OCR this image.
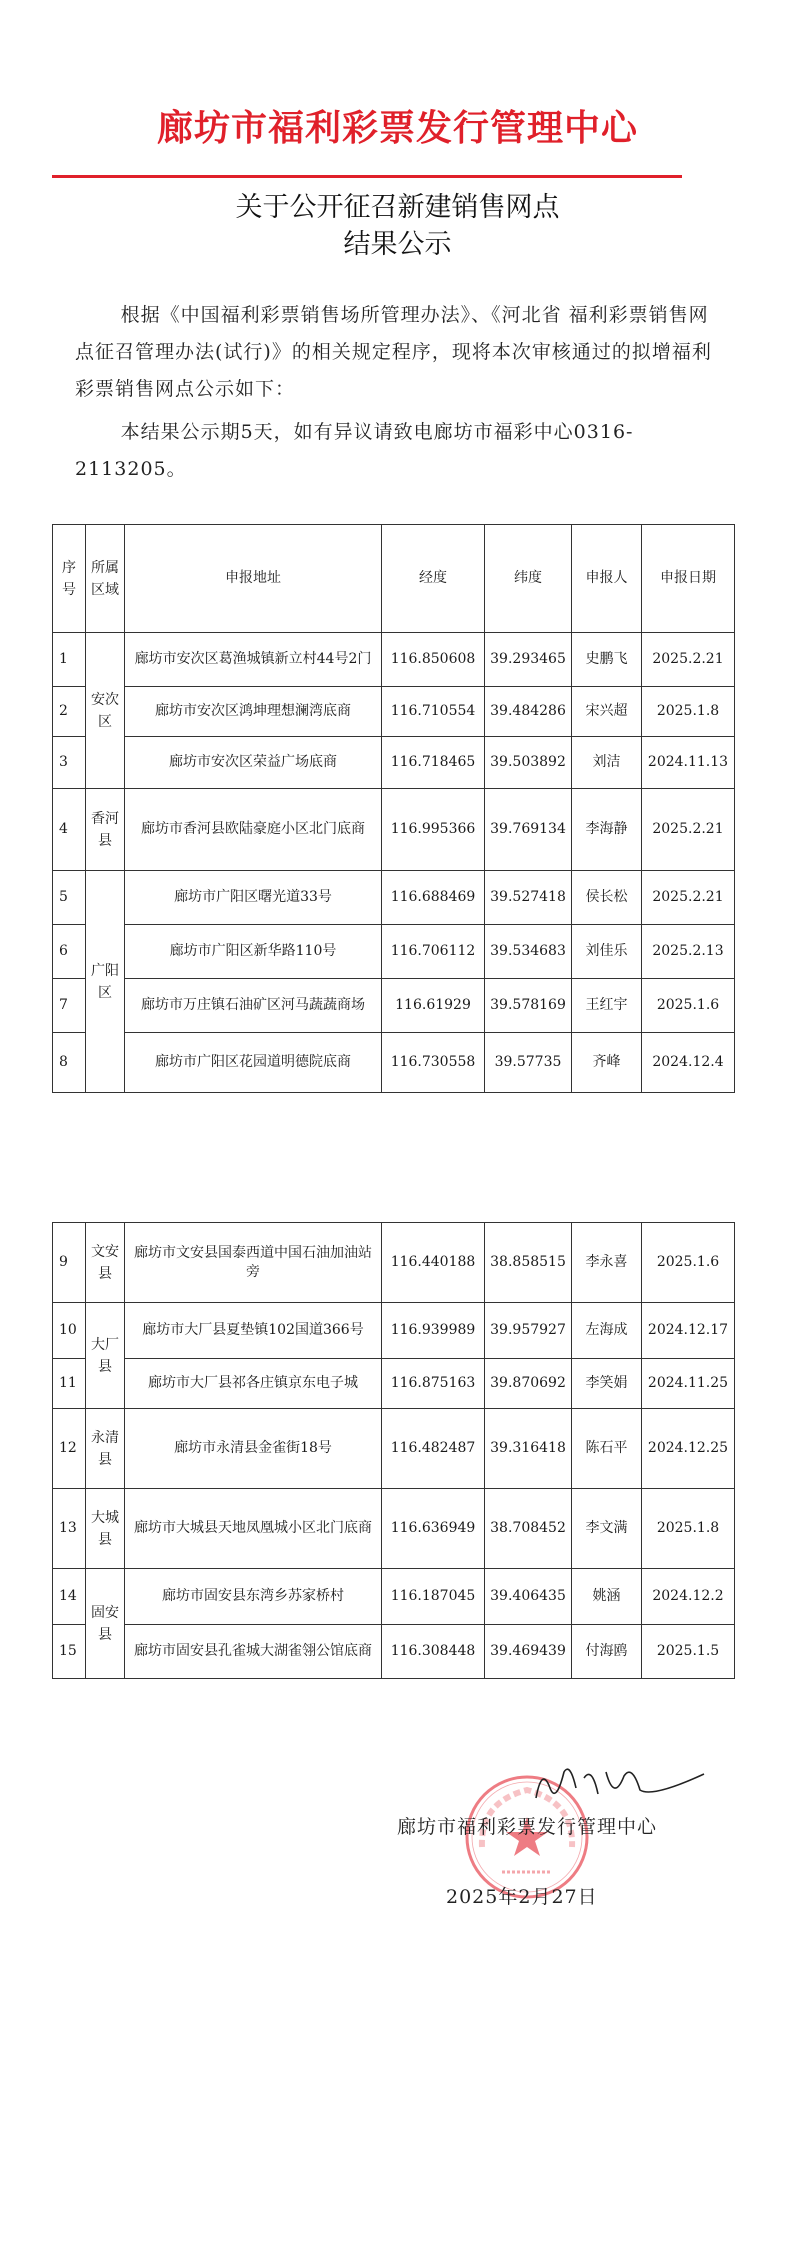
廊坊市福利彩票发行管理中心
关于公开征召新建销售网点
结果公示
根据《中国福利彩票销售场所管理办法》、《河北省 福利彩票销售网点征召管理办法(试行)》的相关规定程序，现将本次审核通过的拟增福利彩票销售网点公示如下：
本结果公示期5天，如有异议请致电廊坊市福彩中心0316-2113205。
序号	所属区域	申报地址	经度	纬度	申报人	申报日期
1	安次区	廊坊市安次区葛渔城镇新立村44号2门	116.850608	39.293465	史鹏飞	2025.2.21
2		廊坊市安次区鸿坤理想澜湾底商	116.710554	39.484286	宋兴超	2025.1.8
3		廊坊市安次区荣益广场底商	116.718465	39.503892	刘洁	2024.11.13
4	香河县	廊坊市香河县欧陆豪庭小区北门底商	116.995366	39.769134	李海静	2025.2.21
5	广阳区	廊坊市广阳区曙光道33号	116.688469	39.527418	侯长松	2025.2.21
6		廊坊市广阳区新华路110号	116.706112	39.534683	刘佳乐	2025.2.13
7		廊坊市万庄镇石油矿区河马蔬蔬商场	116.61929	39.578169	王红宇	2025.1.6
8		廊坊市广阳区花园道明德院底商	116.730558	39.57735	齐峰	2024.12.4
9	文安县	廊坊市文安县国泰西道中国石油加油站旁	116.440188	38.858515	李永喜	2025.1.6
10	大厂县	廊坊市大厂县夏垫镇102国道366号	116.939989	39.957927	左海成	2024.12.17
11		廊坊市大厂县祁各庄镇京东电子城	116.875163	39.870692	李笑娟	2024.11.25
12	永清县	廊坊市永清县金雀街18号	116.482487	39.316418	陈石平	2024.12.25
13	大城县	廊坊市大城县天地凤凰城小区北门底商	116.636949	38.708452	李文满	2025.1.8
14	固安县	廊坊市固安县东湾乡苏家桥村	116.187045	39.406435	姚涵	2024.12.2
15		廊坊市固安县孔雀城大湖雀翎公馆底商	116.308448	39.469439	付海鸥	2025.1.5
廊坊市福利彩票发行管理中心
2025年2月27日
